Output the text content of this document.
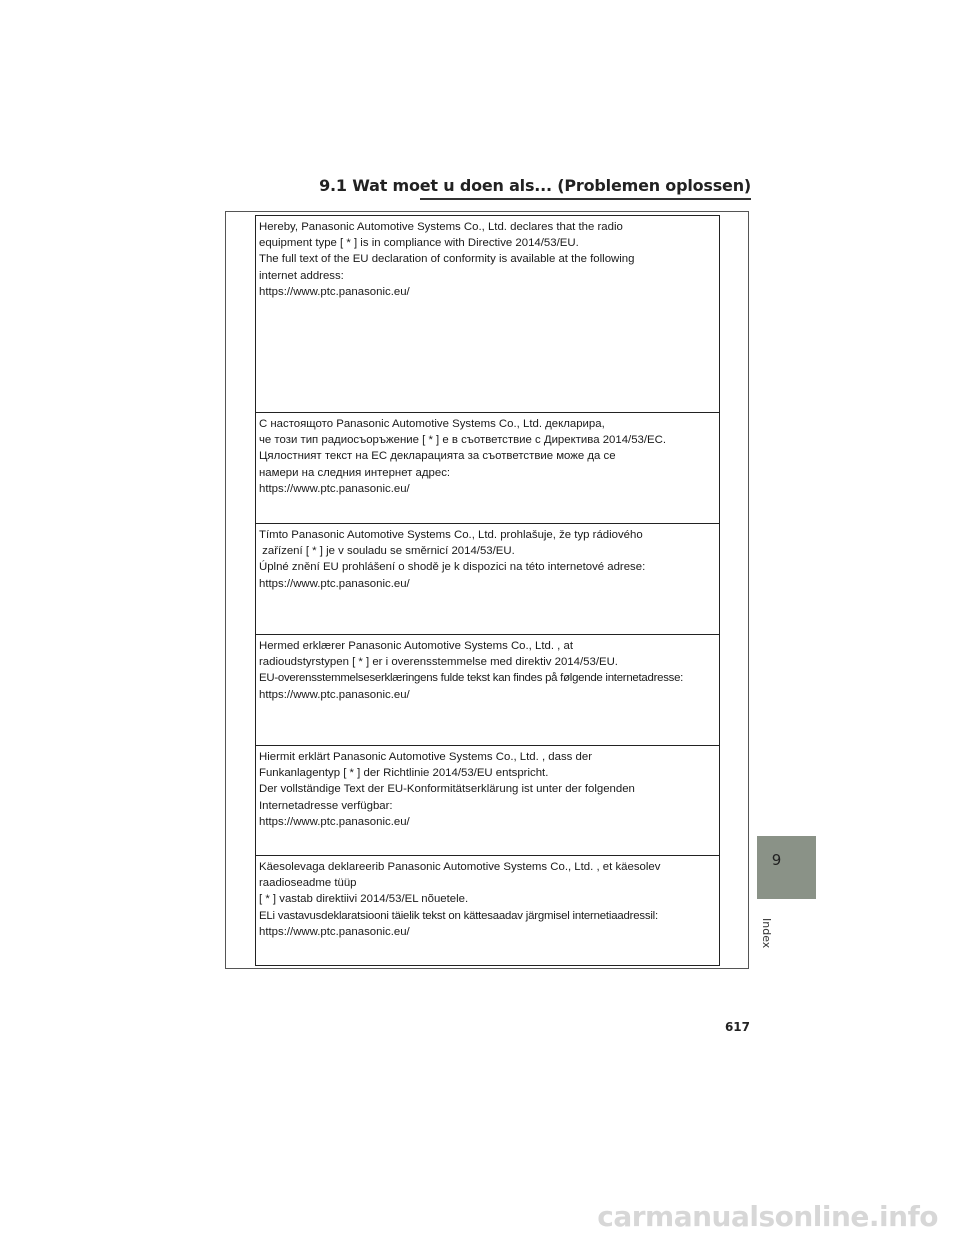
9.1 Wat moet u doen als... (Problemen oplossen)
Hereby, Panasonic Automotive Systems Co., Ltd. declares that the radio
equipment type [ * ] is in compliance with Directive 2014/53/EU.
The full text of the EU declaration of conformity is available at the following
internet address:
https://www.ptc.panasonic.eu/
С настоящото Panasonic Automotive Systems Co., Ltd. декларира,
че този тип радиосъоръжение [ * ] е в съответствие с Директива 2014/53/ЕС.
Цялостният текст на ЕС декларацията за съответствие може да се
намери на следния интернет адрес:
https://www.ptc.panasonic.eu/
Tímto Panasonic Automotive Systems Co., Ltd. prohlašuje, že typ rádiového
zařízení [ * ] je v souladu se směrnicí 2014/53/EU.
Úplné znění EU prohlášení o shodě je k dispozici na této internetové adrese:
https://www.ptc.panasonic.eu/
Hermed erklærer Panasonic Automotive Systems Co., Ltd. , at
radioudstyrstypen [ * ] er i overensstemmelse med direktiv 2014/53/EU.
EU-overensstemmelseserklæringens fulde tekst kan findes på følgende internetadresse:
https://www.ptc.panasonic.eu/
Hiermit erklärt Panasonic Automotive Systems Co., Ltd. , dass der
Funkanlagentyp [ * ] der Richtlinie 2014/53/EU entspricht.
Der vollständige Text der EU-Konformitätserklärung ist unter der folgenden
Internetadresse verfügbar:
https://www.ptc.panasonic.eu/
Käesolevaga deklareerib Panasonic Automotive Systems Co., Ltd. , et käesolev
raadioseadme tüüp
[ * ] vastab direktiivi 2014/53/EL nõuetele.
ELi vastavusdeklaratsiooni täielik tekst on kättesaadav järgmisel internetiaadressil:
https://www.ptc.panasonic.eu/
9
Index
617
carmanualsonline.info
